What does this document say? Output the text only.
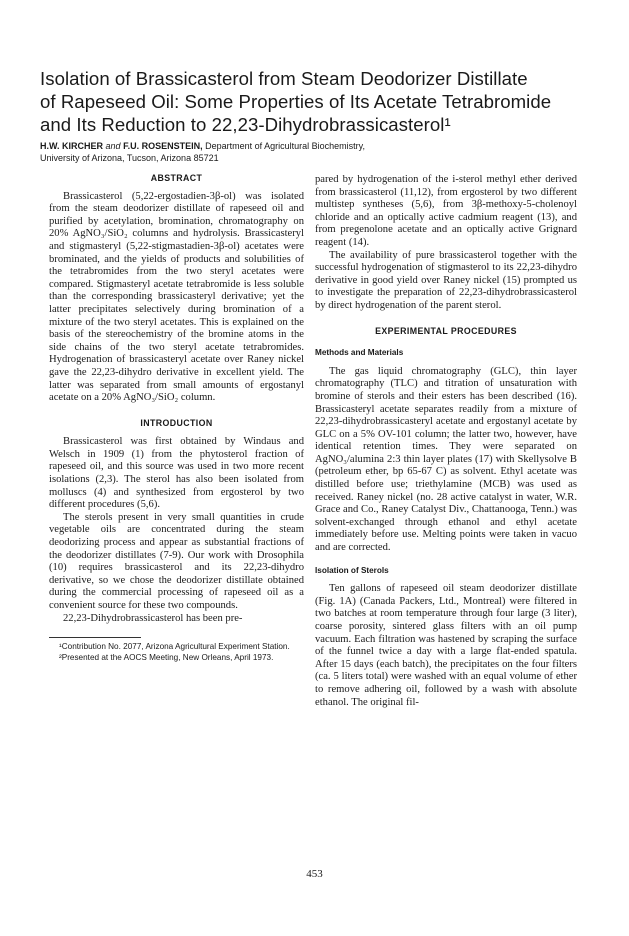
Isolation of Brassicasterol from Steam Deodorizer Distillate
of Rapeseed Oil: Some Properties of Its Acetate Tetrabromide
and Its Reduction to 22,23-Dihydrobrassicasterol¹
H.W. KIRCHER and F.U. ROSENSTEIN, Department of Agricultural Biochemistry,
University of Arizona, Tucson, Arizona 85721
ABSTRACT

Brassicasterol (5,22-ergostadien-3β-ol) was isolated from the steam deodorizer distillate of rapeseed oil and purified by acetylation, bromination, chromatography on 20% AgNO₃/SiO₂ columns and hydrolysis. Brassicasteryl and stigmasteryl (5,22-stigmastadien-3β-ol) acetates were brominated, and the yields of products and solubilities of the tetrabromides from the two steryl acetates were compared. Stigmasteryl acetate tetrabromide is less soluble than the corresponding brassicasteryl derivative; yet the latter precipitates selectively during bromination of a mixture of the two steryl acetates. This is explained on the basis of the stereochemistry of the bromine atoms in the side chains of the two steryl acetate tetrabromides. Hydrogenation of brassicasteryl acetate over Raney nickel gave the 22,23-dihydro derivative in excellent yield. The latter was separated from small amounts of ergostanyl acetate on a 20% AgNO₃/SiO₂ column.

INTRODUCTION

Brassicasterol was first obtained by Windaus and Welsch in 1909 (1) from the phytosterol fraction of rapeseed oil, and this source was used in two more recent isolations (2,3). The sterol has also been isolated from molluscs (4) and synthesized from ergosterol by two different procedures (5,6).

The sterols present in very small quantities in crude vegetable oils are concentrated during the steam deodorizing process and appear as substantial fractions of the deodorizer distillates (7-9). Our work with Drosophila (10) requires brassicasterol and its 22,23-dihydro derivative, so we chose the deodorizer distillate obtained during the commercial processing of rapeseed oil as a convenient source for these two compounds.

22,23-Dihydrobrassicasterol has been pre-

¹Contribution No. 2077, Arizona Agricultural Experiment Station.

²Presented at the AOCS Meeting, New Orleans, April 1973.

pared by hydrogenation of the i-sterol methyl ether derived from brassicasterol (11,12), from ergosterol by two different multistep syntheses (5,6), from 3β-methoxy-5-cholenoyl chloride and an optically active cadmium reagent (13), and from pregenolone acetate and an optically active Grignard reagent (14).

The availability of pure brassicasterol together with the successful hydrogenation of stigmasterol to its 22,23-dihydro derivative in good yield over Raney nickel (15) prompted us to investigate the preparation of 22,23-dihydrobrassicasterol by direct hydrogenation of the parent sterol.

EXPERIMENTAL PROCEDURES
Methods and Materials

The gas liquid chromatography (GLC), thin layer chromatography (TLC) and titration of unsaturation with bromine of sterols and their esters has been described (16). Brassicasteryl acetate separates readily from a mixture of 22,23-dihydrobrassicasteryl acetate and ergostanyl acetate by GLC on a 5% OV-101 column; the latter two, however, have identical retention times. They were separated on AgNO₃/alumina 2:3 thin layer plates (17) with Skellysolve B (petroleum ether, bp 65-67 C) as solvent. Ethyl acetate was distilled before use; triethylamine (MCB) was used as received. Raney nickel (no. 28 active catalyst in water, W.R. Grace and Co., Raney Catalyst Div., Chattanooga, Tenn.) was solvent-exchanged through ethanol and ethyl acetate immediately before use. Melting points were taken in vacuo and are corrected.

Isolation of Sterols

Ten gallons of rapeseed oil steam deodorizer distillate (Fig. 1A) (Canada Packers, Ltd., Montreal) were filtered in two batches at room temperature through four large (3 liter), coarse porosity, sintered glass filters with an oil pump vacuum. Each filtration was hastened by scraping the surface of the funnel twice a day with a large flat-ended spatula. After 15 days (each batch), the precipitates on the four filters (ca. 5 liters total) were washed with an equal volume of ether to remove adhering oil, followed by a wash with absolute ethanol. The original fil-

453
